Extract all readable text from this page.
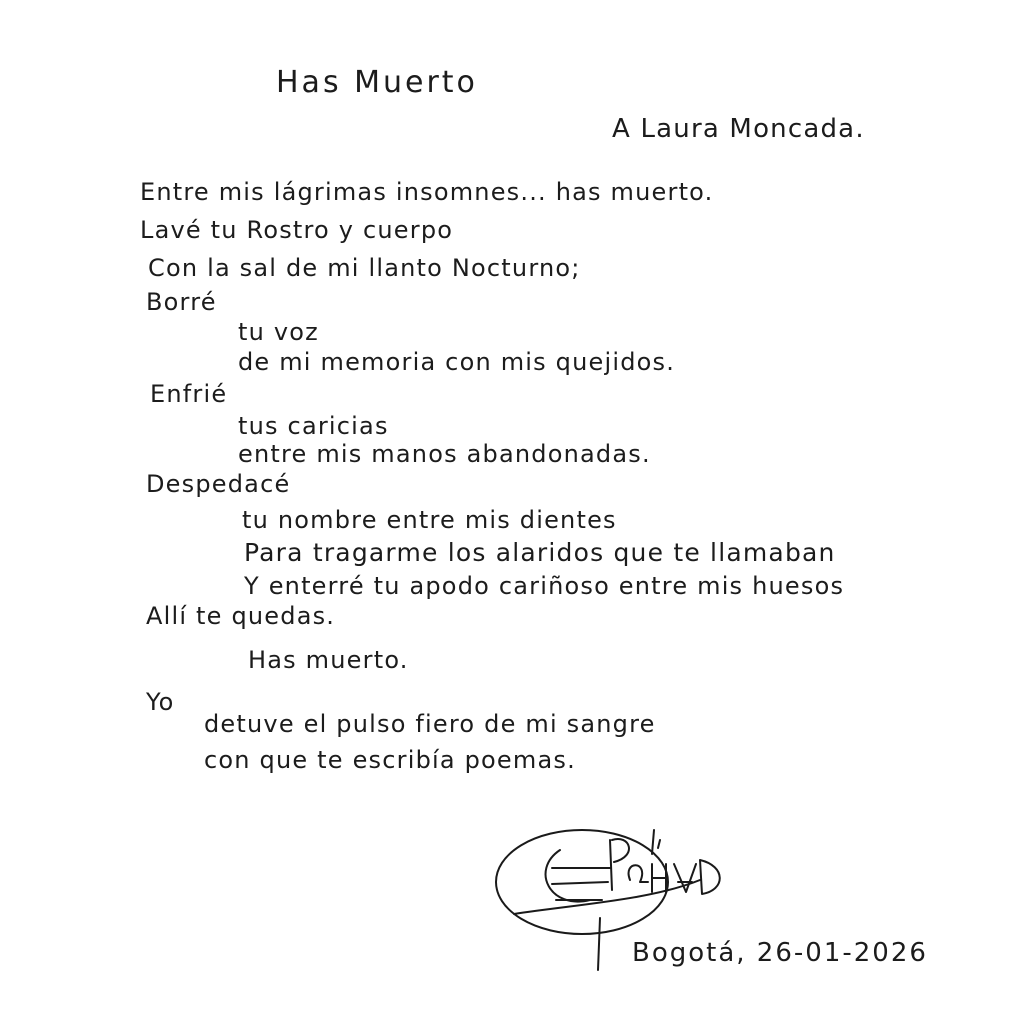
Has Muerto
A Laura Moncada.
Entre mis lágrimas insomnes... has muerto.
Lavé tu Rostro y cuerpo
Con la sal de mi llanto Nocturno;
Borré
tu voz
de mi memoria con mis quejidos.
Enfrié
tus caricias
entre mis manos abandonadas.
Despedacé
tu nombre entre mis dientes
Para tragarme los alaridos que te llamaban
Y enterré tu apodo cariñoso entre mis huesos
Allí te quedas.
Has muerto.
Yo
detuve el pulso fiero de mi sangre
con que te escribía poemas.
Bogotá, 26-01-2026
